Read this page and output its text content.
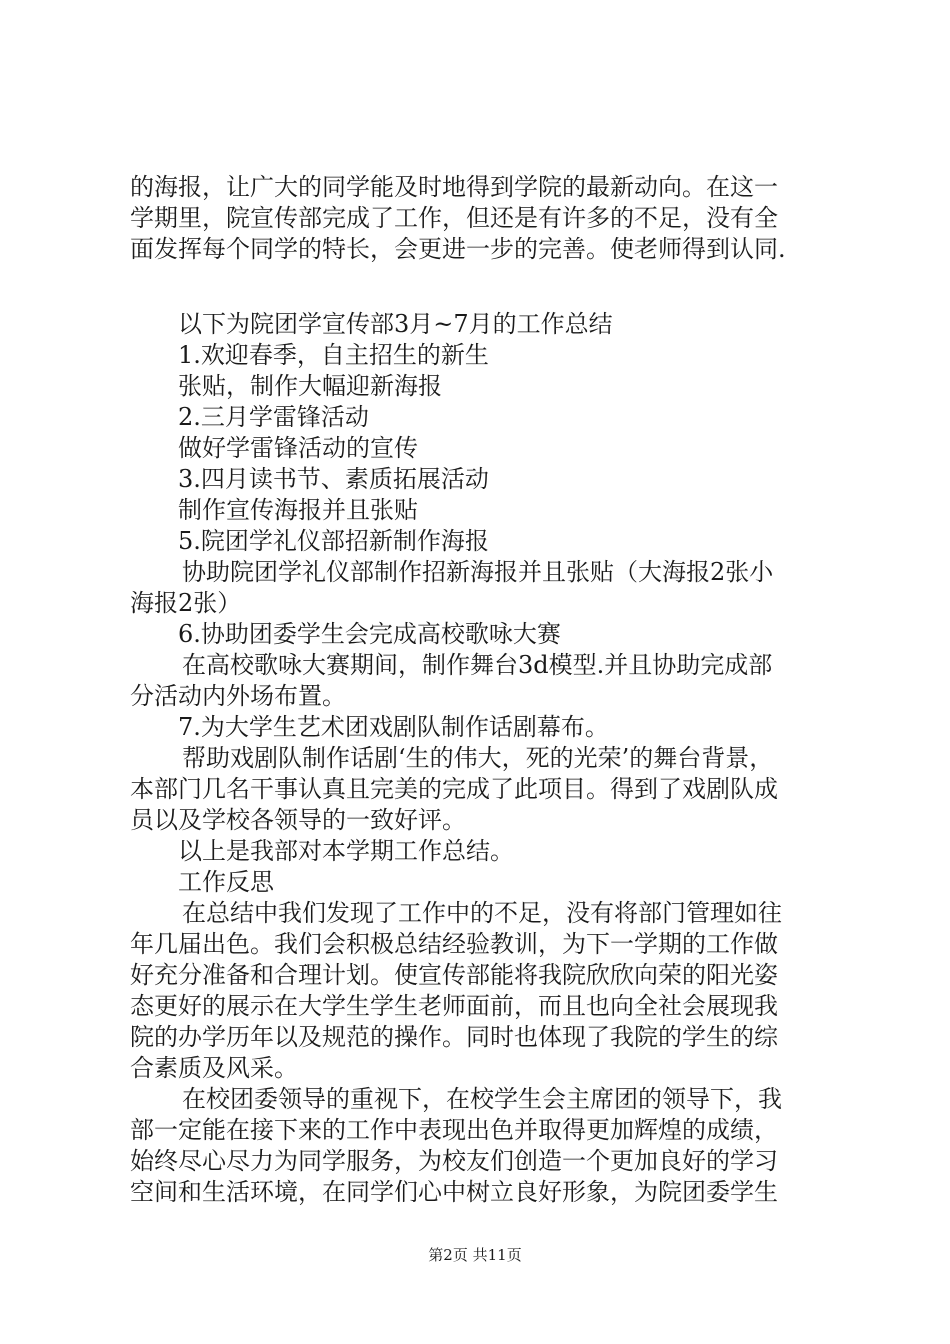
的海报，让广大的同学能及时地得到学院的最新动向。在这一
学期里，院宣传部完成了工作，但还是有许多的不足，没有全
面发挥每个同学的特长，会更进一步的完善。使老师得到认同.
以下为院团学宣传部3月~7月的工作总结
1.欢迎春季，自主招生的新生
张贴，制作大幅迎新海报
2.三月学雷锋活动
做好学雷锋活动的宣传
3.四月读书节、素质拓展活动
制作宣传海报并且张贴
5.院团学礼仪部招新制作海报
协助院团学礼仪部制作招新海报并且张贴（大海报2张小
海报2张）
6.协助团委学生会完成高校歌咏大赛
在高校歌咏大赛期间，制作舞台3d模型.并且协助完成部
分活动内外场布置。
7.为大学生艺术团戏剧队制作话剧幕布。
帮助戏剧队制作话剧‘生的伟大，死的光荣’的舞台背景，
本部门几名干事认真且完美的完成了此项目。得到了戏剧队成
员以及学校各领导的一致好评。
以上是我部对本学期工作总结。
工作反思
在总结中我们发现了工作中的不足，没有将部门管理如往
年几届出色。我们会积极总结经验教训，为下一学期的工作做
好充分准备和合理计划。使宣传部能将我院欣欣向荣的阳光姿
态更好的展示在大学生学生老师面前，而且也向全社会展现我
院的办学历年以及规范的操作。同时也体现了我院的学生的综
合素质及风采。
在校团委领导的重视下，在校学生会主席团的领导下，我
部一定能在接下来的工作中表现出色并取得更加辉煌的成绩，
始终尽心尽力为同学服务，为校友们创造一个更加良好的学习
空间和生活环境，在同学们心中树立良好形象，为院团委学生
第2页 共11页
